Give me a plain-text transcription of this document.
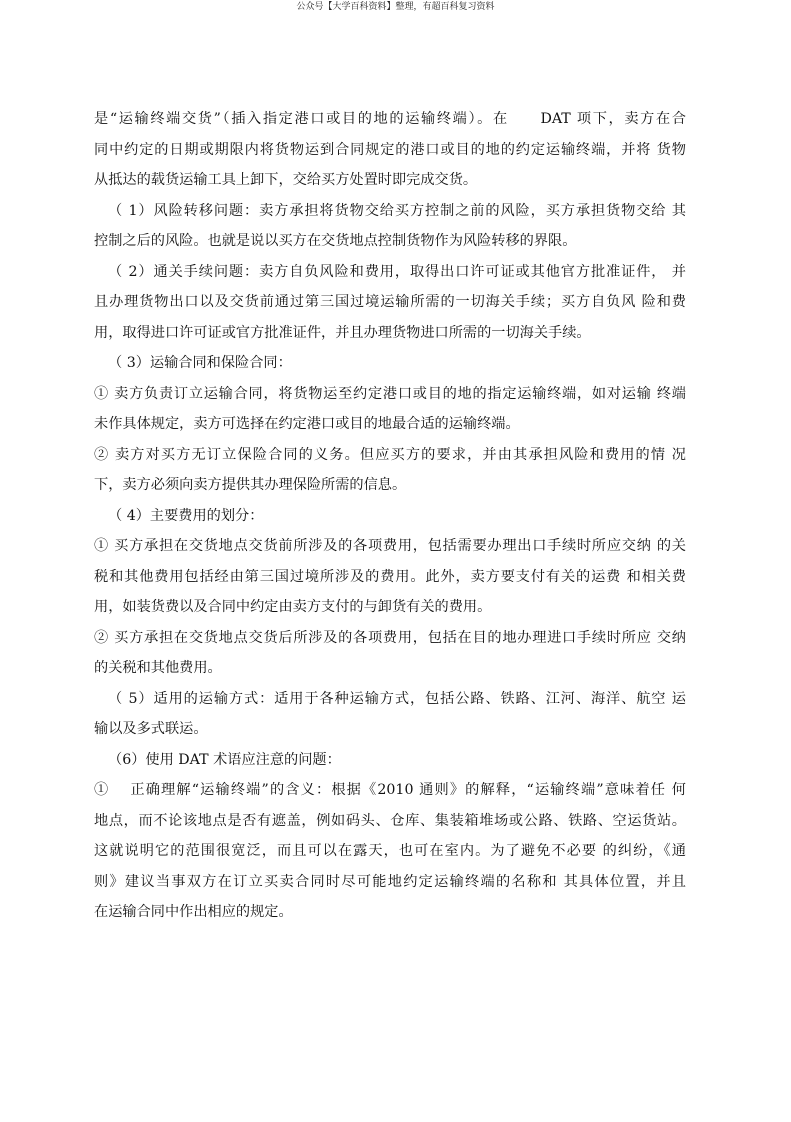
公众号【大学百科资料】整理，有超百科复习资料
是“运输终端交货”（插入指定港口或目的地的运输终端）。在　　DAT 项下，卖方在合
同中约定的日期或期限内将货物运到合同规定的港口或目的地的约定运输终端，并将 货物
从抵达的载货运输工具上卸下，交给买方处置时即完成交货。
（ 1）风险转移问题：卖方承担将货物交给买方控制之前的风险，买方承担货物交给 其
控制之后的风险。也就是说以买方在交货地点控制货物作为风险转移的界限。
（ 2）通关手续问题：卖方自负风险和费用，取得出口许可证或其他官方批准证件， 并
且办理货物出口以及交货前通过第三国过境运输所需的一切海关手续；买方自负风 险和费
用，取得进口许可证或官方批准证件，并且办理货物进口所需的一切海关手续。
（ 3）运输合同和保险合同：
① 卖方负责订立运输合同，将货物运至约定港口或目的地的指定运输终端，如对运输 终端
未作具体规定，卖方可选择在约定港口或目的地最合适的运输终端。
② 卖方对买方无订立保险合同的义务。但应买方的要求，并由其承担风险和费用的情 况
下，卖方必须向卖方提供其办理保险所需的信息。
（ 4）主要费用的划分：
① 买方承担在交货地点交货前所涉及的各项费用，包括需要办理出口手续时所应交纳 的关
税和其他费用包括经由第三国过境所涉及的费用。此外，卖方要支付有关的运费 和相关费
用，如装货费以及合同中约定由卖方支付的与卸货有关的费用。
② 买方承担在交货地点交货后所涉及的各项费用，包括在目的地办理进口手续时所应 交纳
的关税和其他费用。
（ 5）适用的运输方式：适用于各种运输方式，包括公路、铁路、江河、海洋、航空 运
输以及多式联运。
（6）使用 DAT 术语应注意的问题：
①　 正确理解“运输终端”的含义：根据《2010 通则》的解释，“运输终端”意味着任 何
地点，而不论该地点是否有遮盖，例如码头、仓库、集装箱堆场或公路、铁路、空运货站。
这就说明它的范围很宽泛，而且可以在露天，也可在室内。为了避免不必要 的纠纷，《通
则》建议当事双方在订立买卖合同时尽可能地约定运输终端的名称和 其具体位置，并且
在运输合同中作出相应的规定。
